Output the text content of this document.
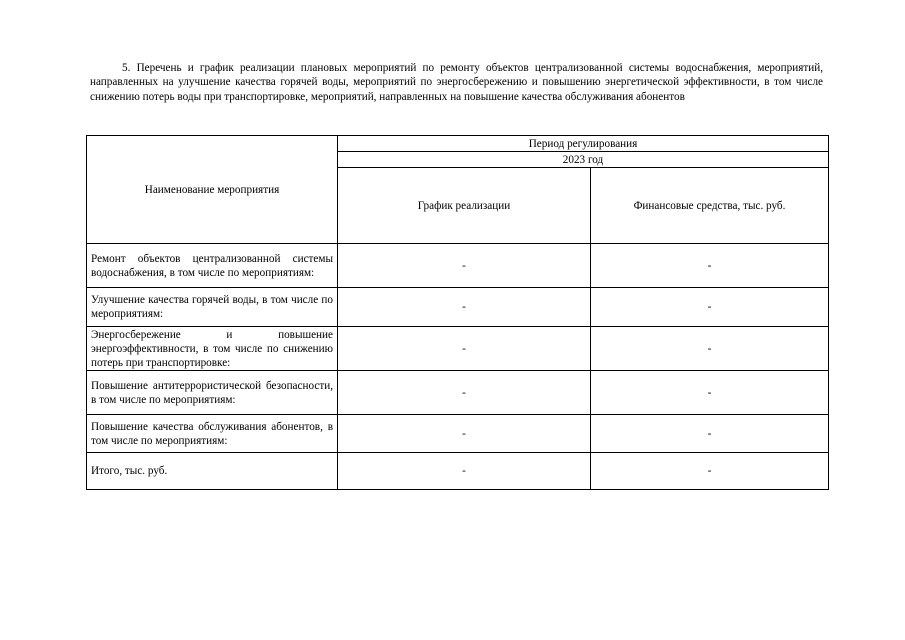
5. Перечень и график реализации плановых мероприятий по ремонту объектов централизованной системы водоснабжения, мероприятий, направленных на улучшение качества горячей воды, мероприятий по энергосбережению и повышению энергетической эффективности, в том числе снижению потерь воды при транспортировке, мероприятий, направленных на повышение качества обслуживания абонентов
Наименование мероприятия	Период регулирования	
	2023 год	
	График реализации	Финансовые средства, тыс. руб.
Ремонт объектов централизованной системы водоснабжения, в том числе по мероприятиям:	-	-
Улучшение качества горячей воды, в том числе по мероприятиям:	-	-
Энергосбережение и повышение энергоэффективности, в том числе по снижению потерь при транспортировке:	-	-
Повышение антитеррористической безопасности, в том числе по мероприятиям:	-	-
Повышение качества обслуживания абонентов, в том числе по мероприятиям:	-	-
Итого, тыс. руб.	-	-
